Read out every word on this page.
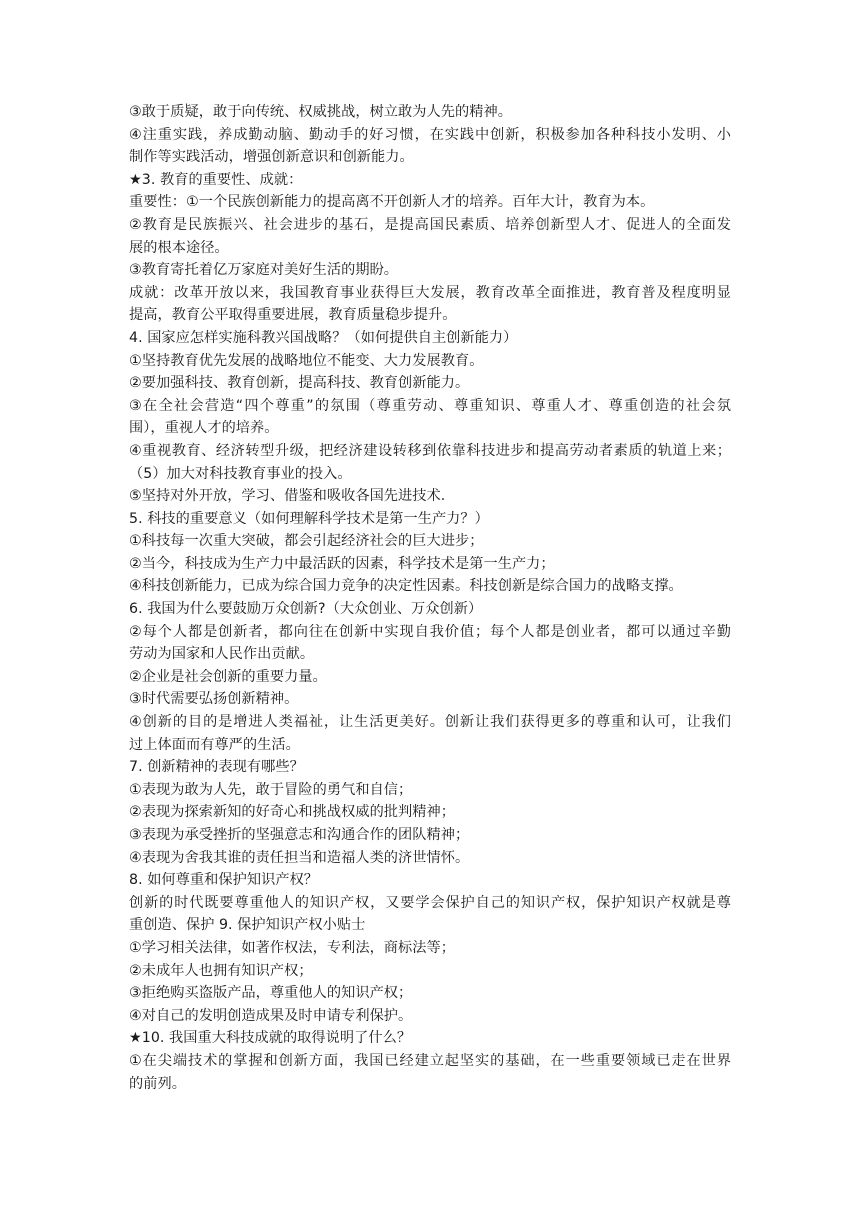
③敢于质疑，敢于向传统、权威挑战，树立敢为人先的精神。
④注重实践，养成勤动脑、勤动手的好习惯，在实践中创新，积极参加各种科技小发明、小
制作等实践活动，增强创新意识和创新能力。
★3. 教育的重要性、成就：
重要性：①一个民族创新能力的提高离不开创新人才的培养。百年大计，教育为本。
②教育是民族振兴、社会进步的基石，是提高国民素质、培养创新型人才、促进人的全面发
展的根本途径。
③教育寄托着亿万家庭对美好生活的期盼。
成就：改革开放以来，我国教育事业获得巨大发展，教育改革全面推进，教育普及程度明显
提高，教育公平取得重要进展，教育质量稳步提升。
4. 国家应怎样实施科教兴国战略？（如何提供自主创新能力）
①坚持教育优先发展的战略地位不能变、大力发展教育。
②要加强科技、教育创新，提高科技、教育创新能力。
③在全社会营造“四个尊重”的氛围（尊重劳动、尊重知识、尊重人才、尊重创造的社会氛
围），重视人才的培养。
④重视教育、经济转型升级，把经济建设转移到依靠科技进步和提高劳动者素质的轨道上来；
（5）加大对科技教育事业的投入。
⑤坚持对外开放，学习、借鉴和吸收各国先进技术.
5. 科技的重要意义（如何理解科学技术是第一生产力？）
①科技每一次重大突破，都会引起经济社会的巨大进步；
②当今，科技成为生产力中最活跃的因素，科学技术是第一生产力；
④科技创新能力，已成为综合国力竞争的决定性因素。科技创新是综合国力的战略支撑。
6. 我国为什么要鼓励万众创新?（大众创业、万众创新）
②每个人都是创新者，都向往在创新中实现自我价值；每个人都是创业者，都可以通过辛勤
劳动为国家和人民作出贡献。
②企业是社会创新的重要力量。
③时代需要弘扬创新精神。
④创新的目的是增进人类福祉，让生活更美好。创新让我们获得更多的尊重和认可，让我们
过上体面而有尊严的生活。
7. 创新精神的表现有哪些？
①表现为敢为人先，敢于冒险的勇气和自信；
②表现为探索新知的好奇心和挑战权威的批判精神；
③表现为承受挫折的坚强意志和沟通合作的团队精神；
④表现为舍我其谁的责任担当和造福人类的济世情怀。
8. 如何尊重和保护知识产权？
创新的时代既要尊重他人的知识产权，又要学会保护自己的知识产权，保护知识产权就是尊
重创造、保护 9. 保护知识产权小贴士
①学习相关法律，如著作权法，专利法，商标法等；
②未成年人也拥有知识产权；
③拒绝购买盗版产品，尊重他人的知识产权；
④对自己的发明创造成果及时申请专利保护。
★10. 我国重大科技成就的取得说明了什么？
①在尖端技术的掌握和创新方面，我国已经建立起坚实的基础，在一些重要领域已走在世界
的前列。
